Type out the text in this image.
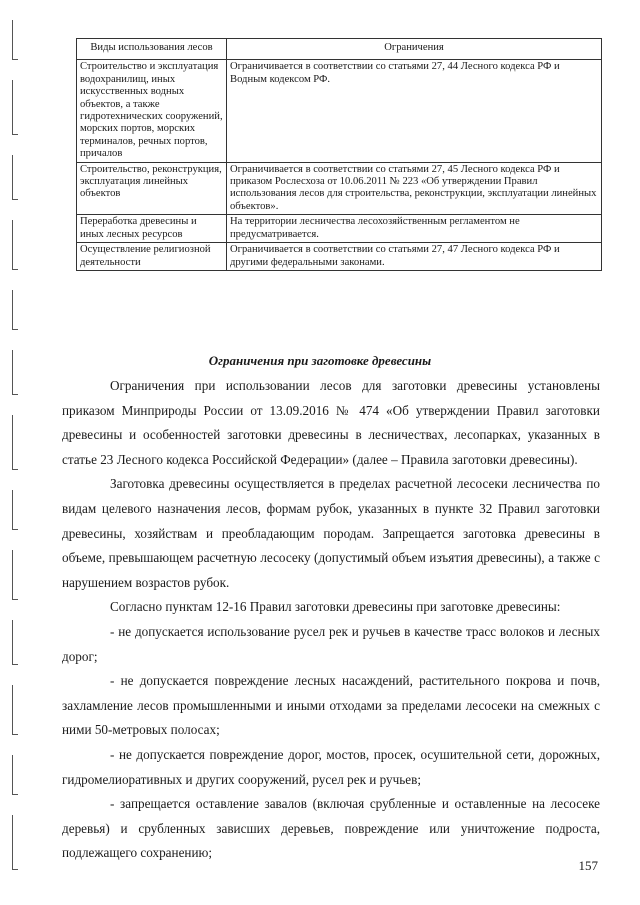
Виды использования лесов	Ограничения
Строительство и эксплуатация водохранилищ, иных искусственных водных объектов, а также гидротехнических сооружений, морских портов, морских терминалов, речных портов, причалов	Ограничивается в соответствии со статьями 27, 44 Лесного кодекса РФ и Водным кодексом РФ.
Строительство, реконструкция, эксплуатация линейных объектов	Ограничивается в соответствии со статьями 27, 45 Лесного кодекса РФ и приказом Рослесхоза от 10.06.2011 № 223 «Об утверждении Правил использования лесов для строительства, реконструкции, эксплуатации линейных объектов».
Переработка древесины и иных лесных ресурсов	На территории лесничества лесохозяйственным регламентом не предусматривается.
Осуществление религиозной деятельности	Ограничивается в соответствии со статьями 27, 47 Лесного кодекса РФ и другими федеральными законами.
Ограничения при заготовке древесины

Ограничения при использовании лесов для заготовки древесины установлены приказом Минприроды России от 13.09.2016 № 474 «Об утверждении Правил заготовки древесины и особенностей заготовки древесины в лесничествах, лесопарках, указанных в статье 23 Лесного кодекса Российской Федерации» (далее – Правила заготовки древесины).

Заготовка древесины осуществляется в пределах расчетной лесосеки лесничества по видам целевого назначения лесов, формам рубок, указанных в пункте 32 Правил заготовки древесины, хозяйствам и преобладающим породам. Запрещается заготовка древесины в объеме, превышающем расчетную лесосеку (допустимый объем изъятия древесины), а также с нарушением возрастов рубок.

Согласно пунктам 12-16 Правил заготовки древесины при заготовке древесины:

- не допускается использование русел рек и ручьев в качестве трасс волоков и лесных дорог;

- не допускается повреждение лесных насаждений, растительного покрова и почв, захламление лесов промышленными и иными отходами за пределами лесосеки на смежных с ними 50-метровых полосах;

- не допускается повреждение дорог, мостов, просек, осушительной сети, дорожных, гидромелиоративных и других сооружений, русел рек и ручьев;

- запрещается оставление завалов (включая срубленные и оставленные на лесосеке деревья) и срубленных зависших деревьев, повреждение или уничтожение подроста, подлежащего сохранению;

157
